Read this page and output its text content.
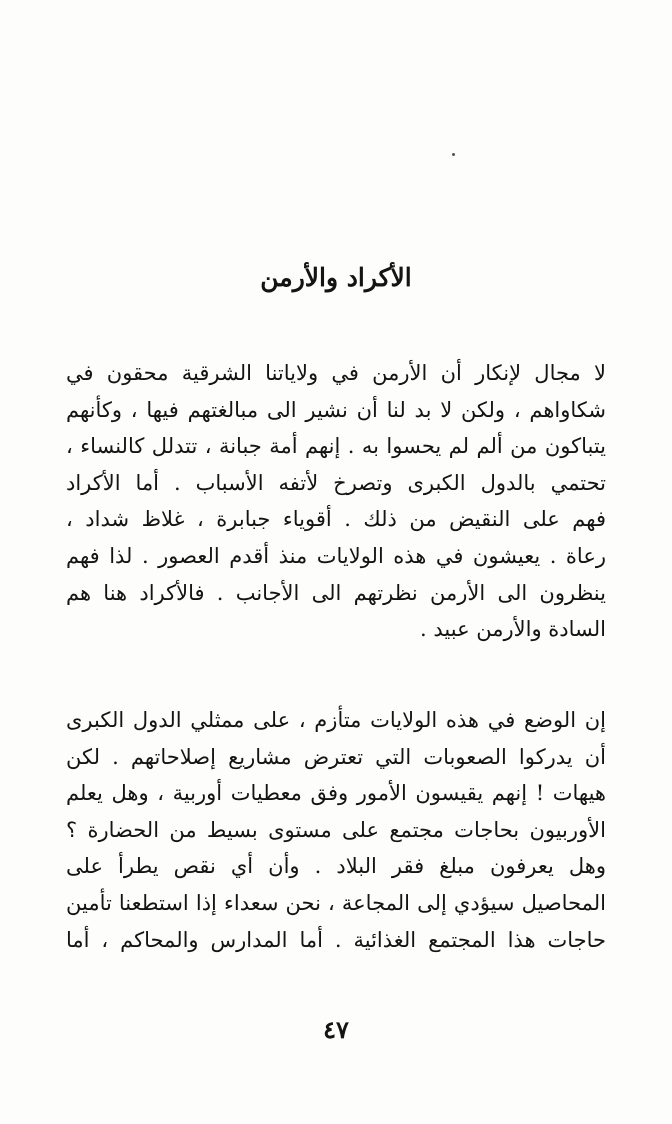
الأكراد والأرمن
لا مجال لإنكار أن الأرمن في ولاياتنا الشرقية محقون في
شكاواهم ، ولكن لا بد لنا أن نشير الى مبالغتهم فيها ، وكأنهم
يتباكون من ألم لم يحسوا به . إنهم أمة جبانة ، تتدلل كالنساء ،
تحتمي بالدول الكبرى وتصرخ لأتفه الأسباب . أما الأكراد
فهم على النقيض من ذلك . أقوياء جبابرة ، غلاظ شداد ،
رعاة . يعيشون في هذه الولايات منذ أقدم العصور . لذا فهم
ينظرون الى الأرمن نظرتهم الى الأجانب . فالأكراد هنا هم
السادة والأرمن عبيد .
إن الوضع في هذه الولايات متأزم ، على ممثلي الدول الكبرى
أن يدركوا الصعوبات التي تعترض مشاريع إصلاحاتهم . لكن
هيهات ! إنهم يقيسون الأمور وفق معطيات أوربية ، وهل يعلم
الأوربيون بحاجات مجتمع على مستوى بسيط من الحضارة ؟
وهل يعرفون مبلغ فقر البلاد . وأن أي نقص يطرأ على
المحاصيل سيؤدي إلى المجاعة ، نحن سعداء إذا استطعنا تأمين
حاجات هذا المجتمع الغذائية . أما المدارس والمحاكم ، أما
٤٧
